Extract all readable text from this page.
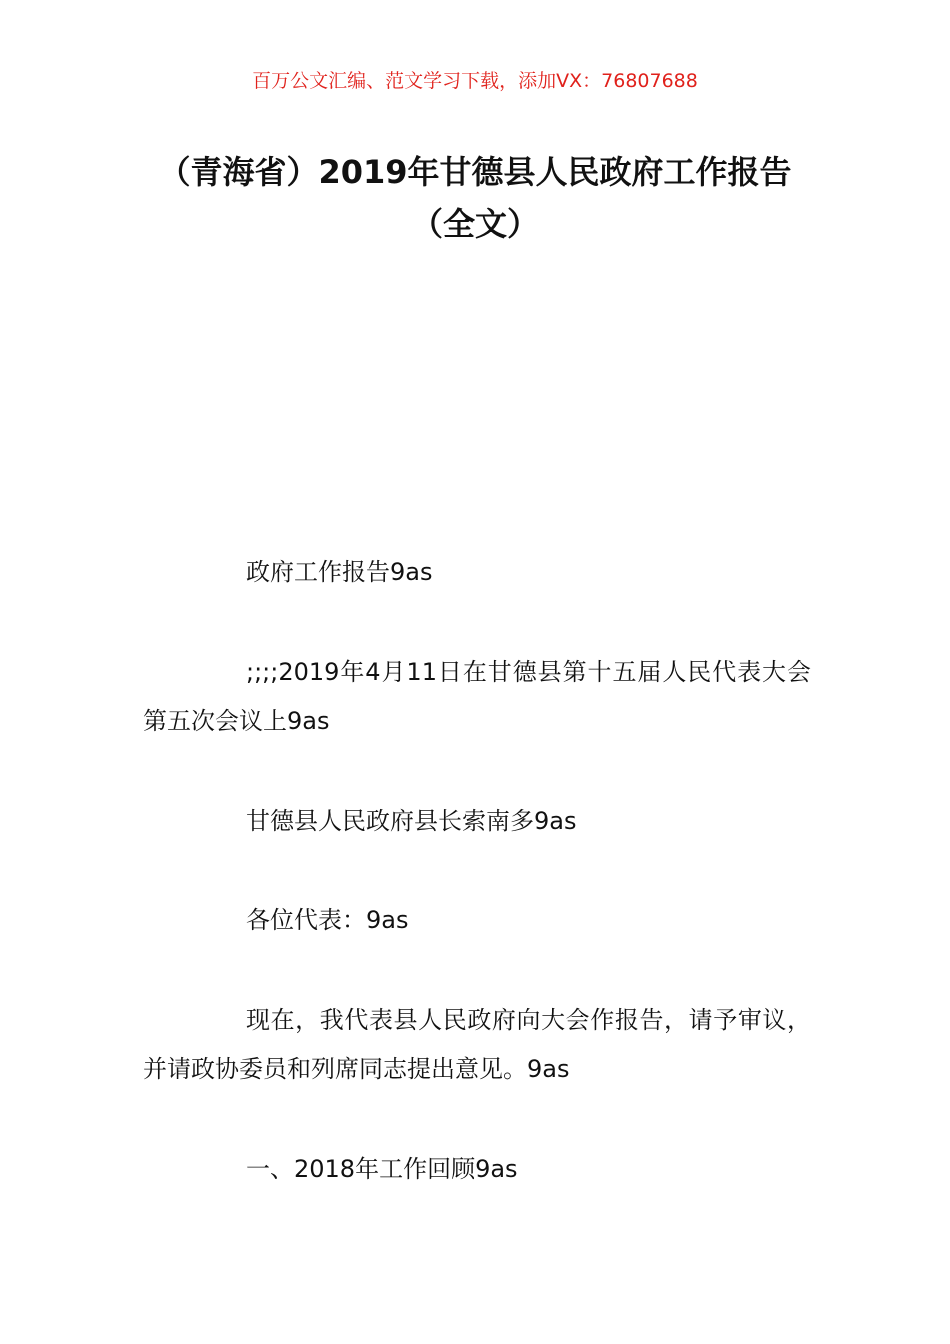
百万公文汇编、范文学习下载，添加VX：76807688
（青海省）2019年甘德县人民政府工作报告（全文）
政府工作报告9as
;;;;2019年4月11日在甘德县第十五届人民代表大会第五次会议上9as
甘德县人民政府县长索南多9as
各位代表：9as
现在，我代表县人民政府向大会作报告，请予审议，并请政协委员和列席同志提出意见。9as
一、2018年工作回顾9as
